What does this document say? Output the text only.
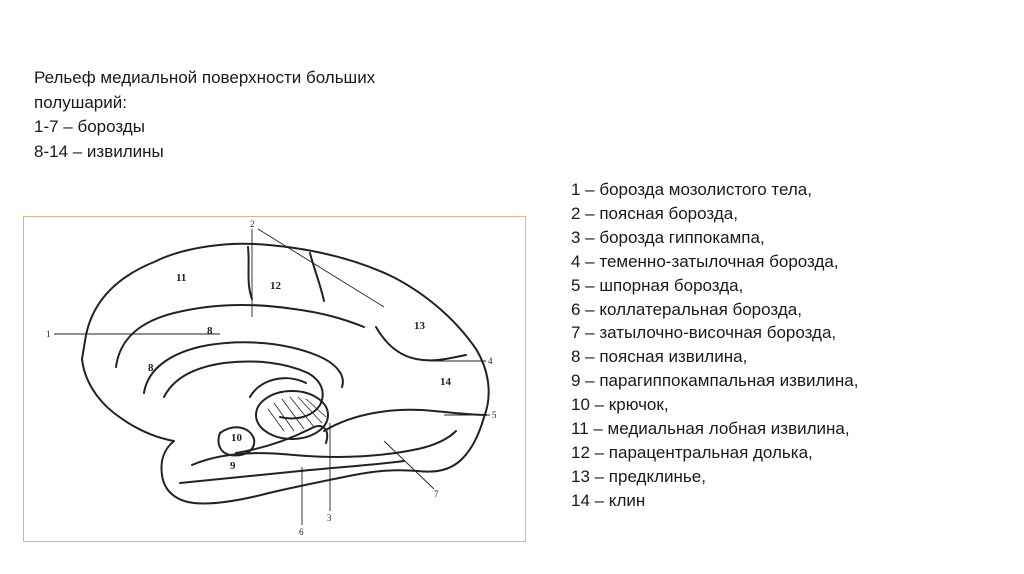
Рельеф медиальной поверхности больших
полушарий:
1-7 – борозды
8-14 – извилины
1 – борозда мозолистого тела,
2 – поясная борозда,
3 – борозда гиппокампа,
4 – теменно-затылочная борозда,
5 – шпорная борозда,
6 – коллатеральная борозда,
7 – затылочно-височная борозда,
8 – поясная извилина,
9 – парагиппокампальная извилина,
10 – крючок,
11 – медиальная лобная извилина,
12 – парацентральная долька,
13 – предклинье,
14 – клин
11
12
13
8
8
14
10
9
1
2
3
4
5
6
7
